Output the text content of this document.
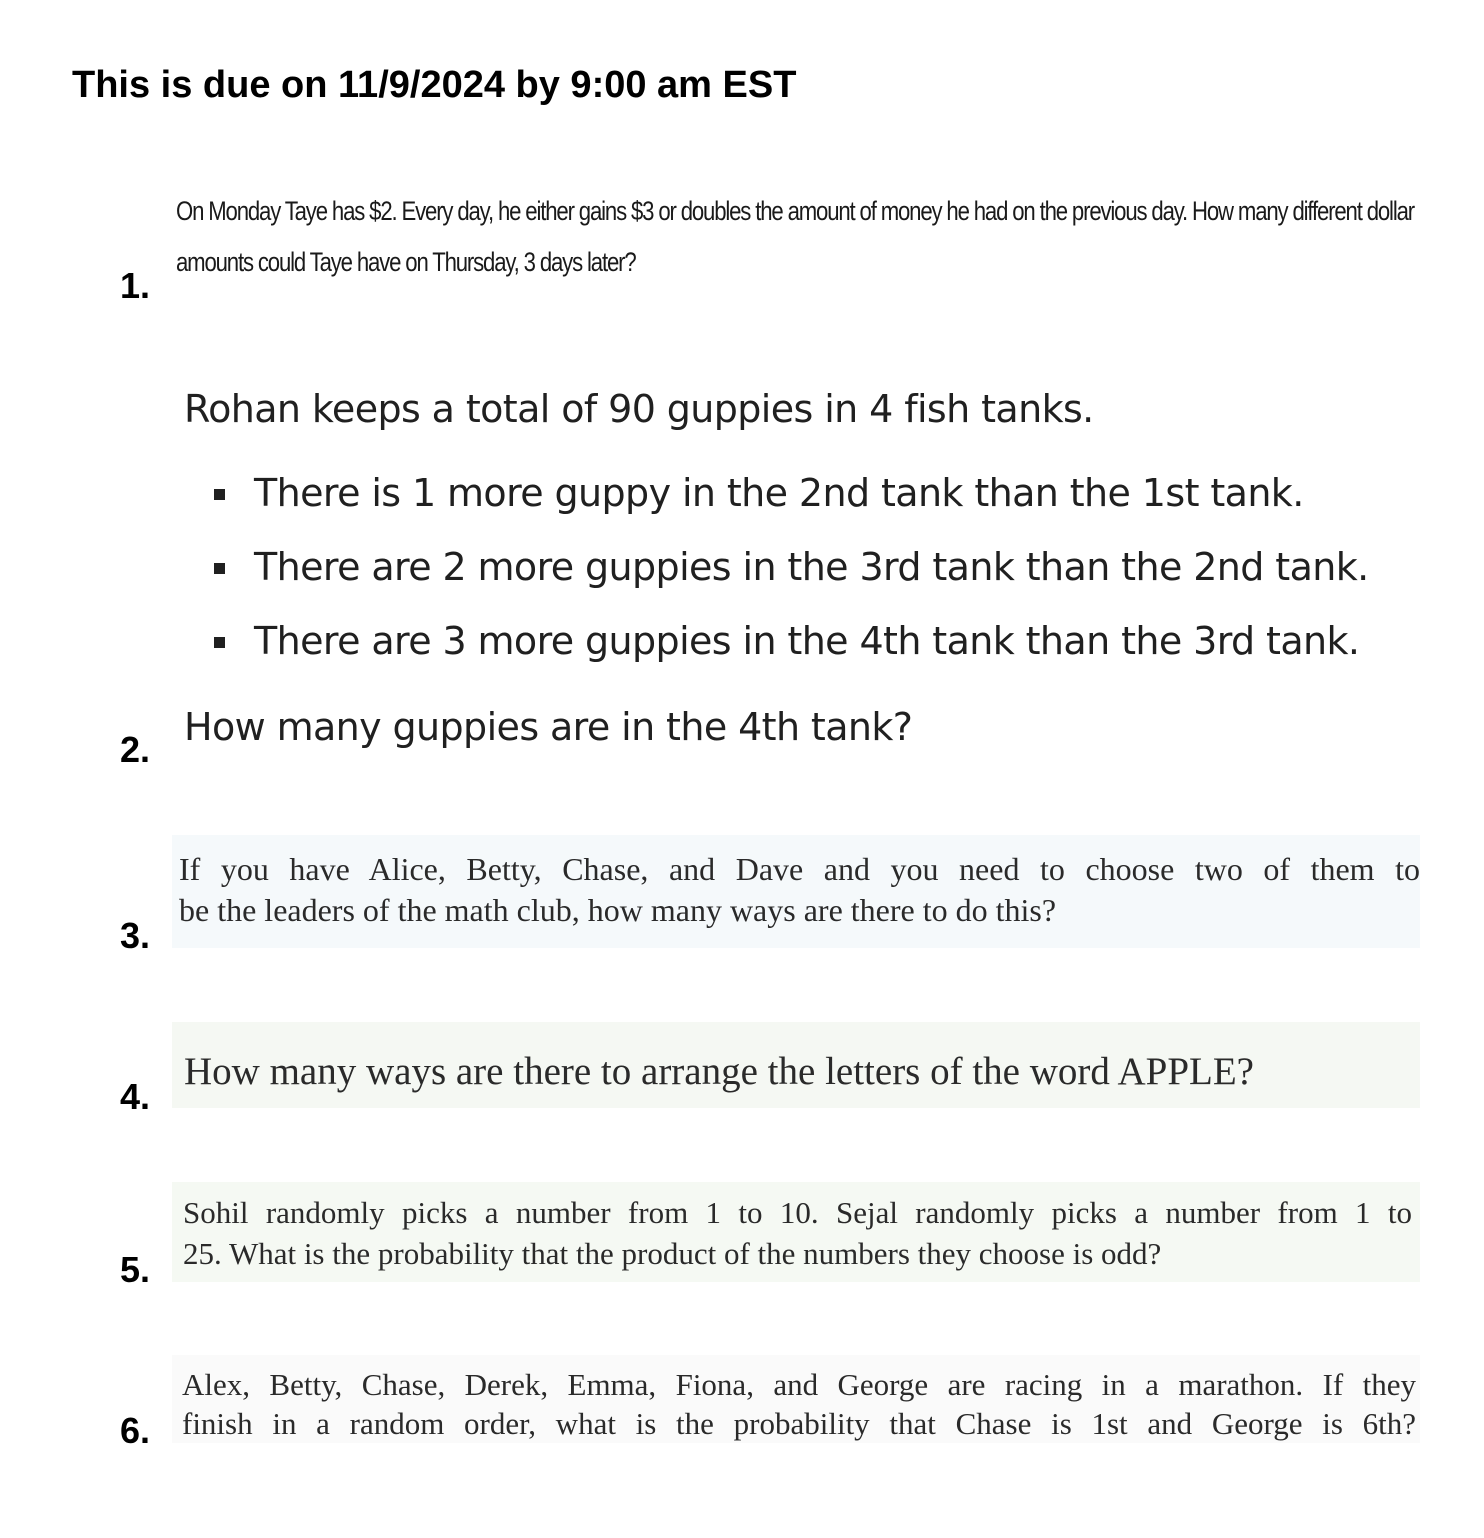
This is due on 11/9/2024 by 9:00 am EST
1.

On Monday Taye has $2. Every day, he either gains $3 or doubles the amount of money he had on the previous day. How many different dollar

amounts could Taye have on Thursday, 3 days later?

2.

Rohan keeps a total of 90 guppies in 4 fish tanks.

There is 1 more guppy in the 2nd tank than the 1st tank.
There are 2 more guppies in the 3rd tank than the 2nd tank.
There are 3 more guppies in the 4th tank than the 3rd tank.

How many guppies are in the 4th tank?

3.

If you have Alice, Betty, Chase, and Dave and you need to choose two of them to

be the leaders of the math club, how many ways are there to do this?

4.

How many ways are there to arrange the letters of the word APPLE?

5.

Sohil randomly picks a number from 1 to 10. Sejal randomly picks a number from 1 to

25. What is the probability that the product of the numbers they choose is odd?

6.

Alex, Betty, Chase, Derek, Emma, Fiona, and George are racing in a marathon. If they

finish in a random order, what is the probability that Chase is 1st and George is 6th?
